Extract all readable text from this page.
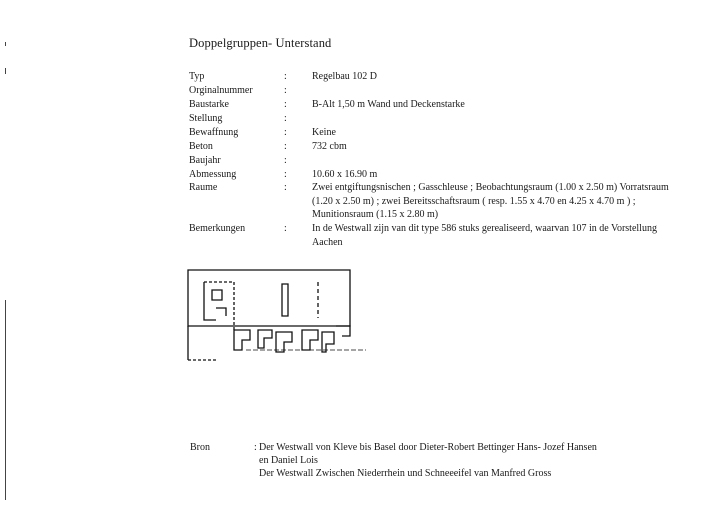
Doppelgruppen- Unterstand
Typ	:	Regelbau 102 D
Orginalnummer	:
Baustarke	:	B-Alt 1,50 m Wand und Deckenstarke
Stellung	:
Bewaffnung	:	Keine
Beton	:	732 cbm
Baujahr	:
Abmessung	:	10.60 x 16.90 m
Raume	:	Zwei entgiftungsnischen ; Gasschleuse ; Beobachtungsraum (1.00 x 2.50 m) Vorratsraum (1.20 x 2.50 m) ; zwei Bereitsschaftsraum ( resp. 1.55 x 4.70 en 4.25 x 4.70 m ) ; Munitionsraum (1.15 x 2.80 m)
Bemerkungen	:	In de Westwall zijn van dit type 586 stuks gerealiseerd, waarvan 107 in de Vorstellung Aachen
Bron	: Der Westwall von Kleve bis Basel door Dieter-Robert Bettinger Hans- Jozef Hansen
en Daniel Lois
Der Westwall Zwischen Niederrhein und Schneeeifel van Manfred Gross
